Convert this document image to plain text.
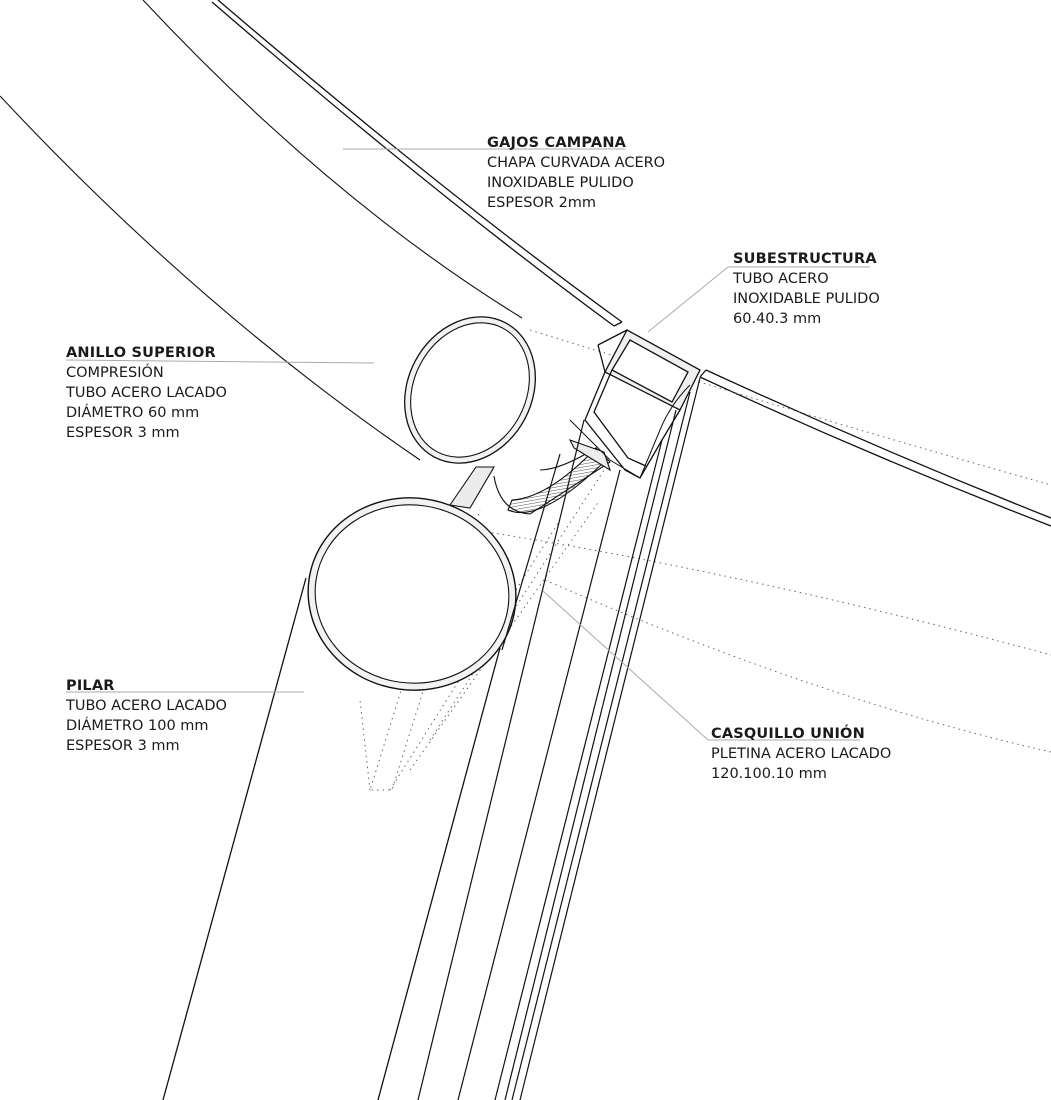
GAJOS CAMPANA
CHAPA CURVADA ACERO
INOXIDABLE PULIDO
ESPESOR 2mm
SUBESTRUCTURA
TUBO ACERO
INOXIDABLE PULIDO
60.40.3 mm
ANILLO SUPERIOR
COMPRESIÓN
TUBO ACERO LACADO
DIÁMETRO 60 mm
ESPESOR 3 mm
PILAR
TUBO ACERO LACADO
DIÁMETRO 100 mm
ESPESOR 3 mm
CASQUILLO UNIÓN
PLETINA ACERO LACADO
120.100.10 mm
